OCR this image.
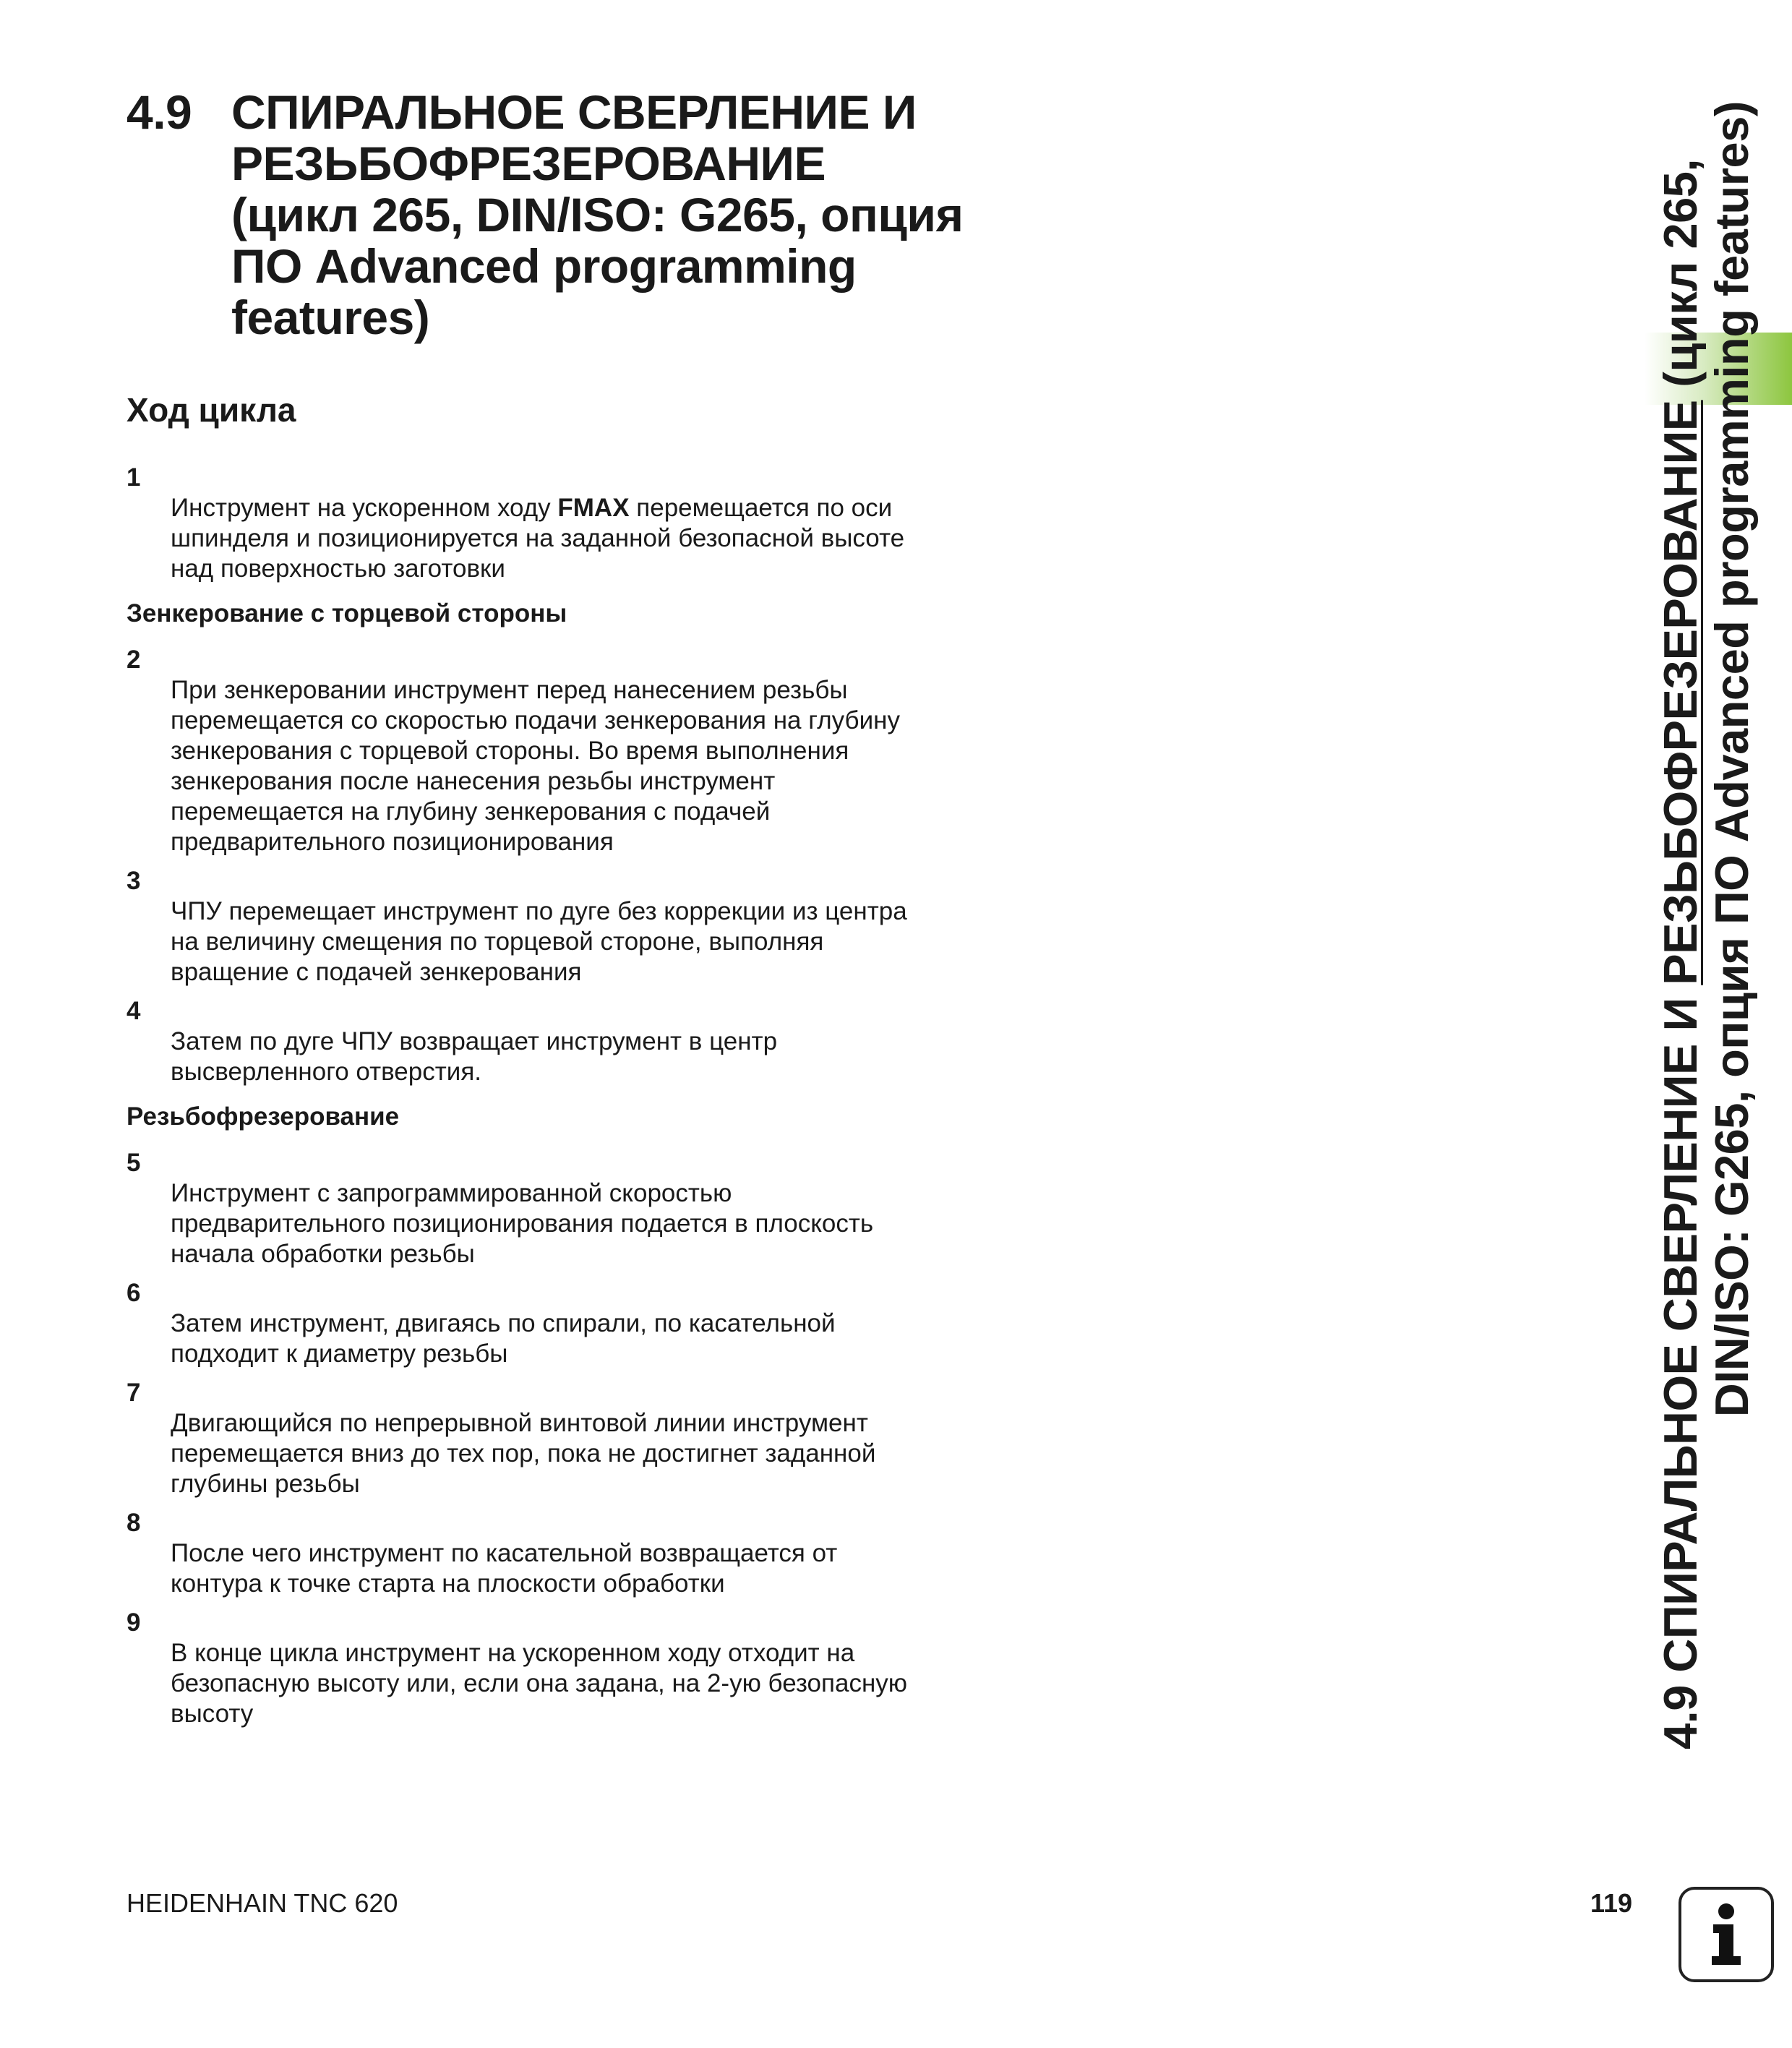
4.9 СПИРАЛЬНОЕ СВЕРЛЕНИЕ И
РЕЗЬБОФРЕЗЕРОВАНИЕ
(цикл 265, DIN/ISO: G265, опция
ПО Advanced programming
features)
Ход цикла

1
Инструмент на ускоренном ходу FMAX перемещается по оси
шпинделя и позиционируется на заданной безопасной высоте
над поверхностью заготовки

Зенкерование с торцевой стороны

2
При зенкеровании инструмент перед нанесением резьбы
перемещается со скоростью подачи зенкерования на глубину
зенкерования с торцевой стороны. Во время выполнения
зенкерования после нанесения резьбы инструмент
перемещается на глубину зенкерования с подачей
предварительного позиционирования

3
ЧПУ перемещает инструмент по дуге без коррекции из центра
на величину смещения по торцевой стороне, выполняя
вращение с подачей зенкерования

4
Затем по дуге ЧПУ возвращает инструмент в центр
высверленного отверстия.

Резьбофрезерование

5
Инструмент с запрограммированной скоростью
предварительного позиционирования подается в плоскость
начала обработки резьбы

6
Затем инструмент, двигаясь по спирали, по касательной
подходит к диаметру резьбы

7
Двигающийся по непрерывной винтовой линии инструмент
перемещается вниз до тех пор, пока не достигнет заданной
глубины резьбы

8
После чего инструмент по касательной возвращается от
контура к точке старта на плоскости обработки

9
В конце цикла инструмент на ускоренном ходу отходит на
безопасную высоту или, если она задана, на 2-ую безопасную
высоту	4.9 СПИРАЛЬНОЕ СВЕРЛЕНИЕ И РЕЗЬБОФРЕЗЕРОВАНИЕ (цикл 265,

DIN/ISO: G265, опция ПО Advanced programming features)
HEIDENHAIN TNC 620	119
